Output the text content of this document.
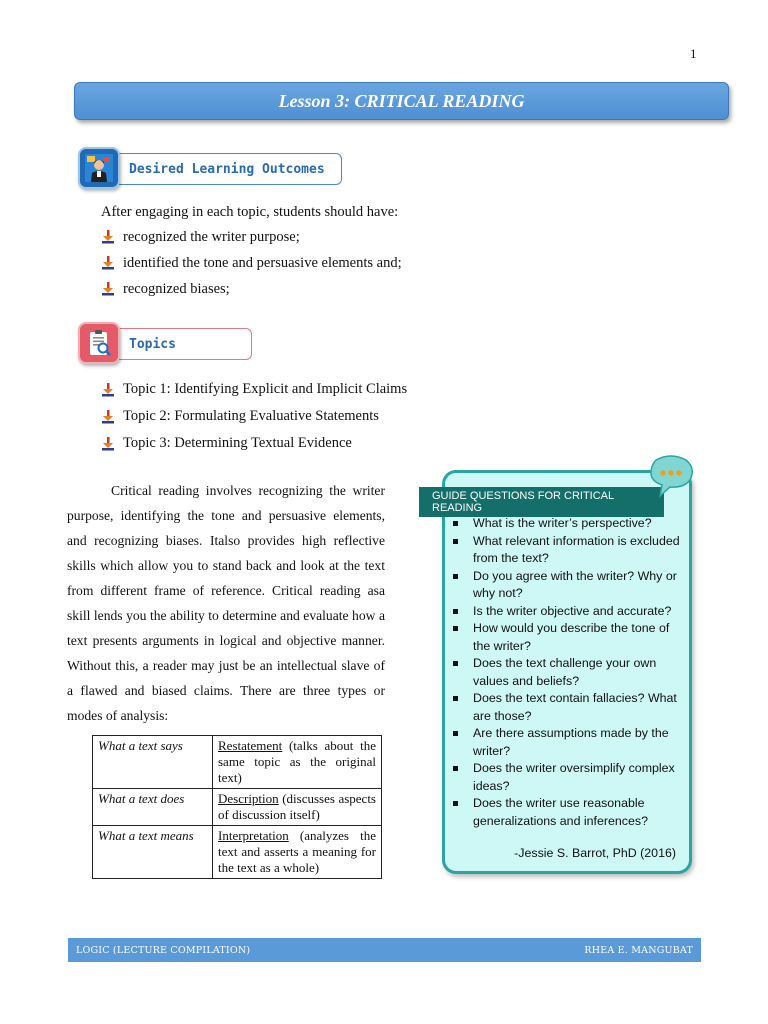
1
Lesson 3: CRITICAL READING
Desired Learning Outcomes
After engaging in each topic, students should have:
recognized the writer purpose;
identified the tone and persuasive elements and;
recognized biases;
Topics
Topic 1: Identifying Explicit and Implicit Claims
Topic 2: Formulating Evaluative Statements
Topic 3: Determining Textual Evidence
Critical reading involves recognizing the writer purpose, identifying the tone and persuasive elements, and recognizing biases. Italso provides high reflective skills which allow you to stand back and look at the text from different frame of reference. Critical reading asa skill lends you the ability to determine and evaluate how a text presents arguments in logical and objective manner. Without this, a reader may just be an intellectual slave of a flawed and biased claims. There are three types or modes of analysis:
What a text says	Restatement (talks about the same topic as the original text)
What a text does	Description (discusses aspects of discussion itself)
What a text means	Interpretation (analyzes the text and asserts a meaning for the text as a whole)
GUIDE QUESTIONS FOR CRITICAL READING
What is the writer’s perspective?
What relevant information is excluded from the text?
Do you agree with the writer? Why or why not?
Is the writer objective and accurate?
How would you describe the tone of the writer?
Does the text challenge your own values and beliefs?
Does the text contain fallacies? What are those?
Are there assumptions made by the writer?
Does the writer oversimplify complex ideas?
Does the writer use reasonable generalizations and inferences?
-Jessie S. Barrot, PhD (2016)
LOGIC (LECTURE COMPILATION)	RHEA E. MANGUBAT
